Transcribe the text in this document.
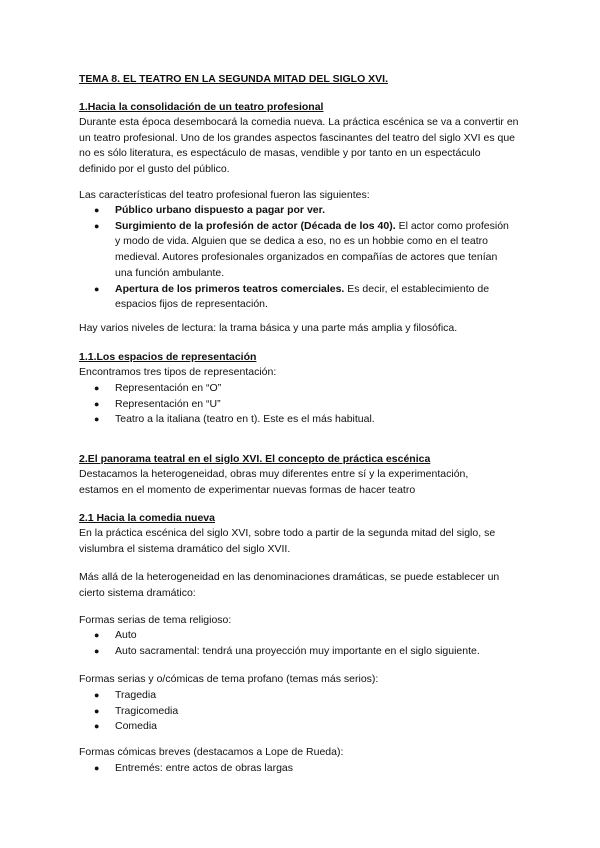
TEMA 8. EL TEATRO EN LA SEGUNDA MITAD DEL SIGLO XVI.
1.Hacia la consolidación de un teatro profesional
Durante esta época desembocará la comedia nueva. La práctica escénica se va a convertir en un teatro profesional. Uno de los grandes aspectos fascinantes del teatro del siglo XVI es que no es sólo literatura, es espectáculo de masas, vendible y por tanto en un espectáculo definido por el gusto del público.
Las características del teatro profesional fueron las siguientes:
● Público urbano dispuesto a pagar por ver.
● Surgimiento de la profesión de actor (Década de los 40). El actor como profesión y modo de vida. Alguien que se dedica a eso, no es un hobbie como en el teatro medieval. Autores profesionales organizados en compañías de actores que tenían una función ambulante.
● Apertura de los primeros teatros comerciales. Es decir, el establecimiento de espacios fijos de representación.
Hay varios niveles de lectura: la trama básica y una parte más amplia y filosófica.
1.1.Los espacios de representación
Encontramos tres tipos de representación:
● Representación en “O”
● Representación en “U”
● Teatro a la italiana (teatro en t). Este es el más habitual.
2.El panorama teatral en el siglo XVI. El concepto de práctica escénica
Destacamos la heterogeneidad, obras muy diferentes entre sí y la experimentación, estamos en el momento de experimentar nuevas formas de hacer teatro
2.1 Hacia la comedia nueva
En la práctica escénica del siglo XVI, sobre todo a partir de la segunda mitad del siglo, se vislumbra el sistema dramático del siglo XVII.
Más allá de la heterogeneidad en las denominaciones dramáticas, se puede establecer un cierto sistema dramático:
Formas serias de tema religioso:
● Auto
● Auto sacramental: tendrá una proyección muy importante en el siglo siguiente.
Formas serias y o/cómicas de tema profano (temas más serios):
● Tragedia
● Tragicomedia
● Comedia
Formas cómicas breves (destacamos a Lope de Rueda):
● Entremés: entre actos de obras largas
